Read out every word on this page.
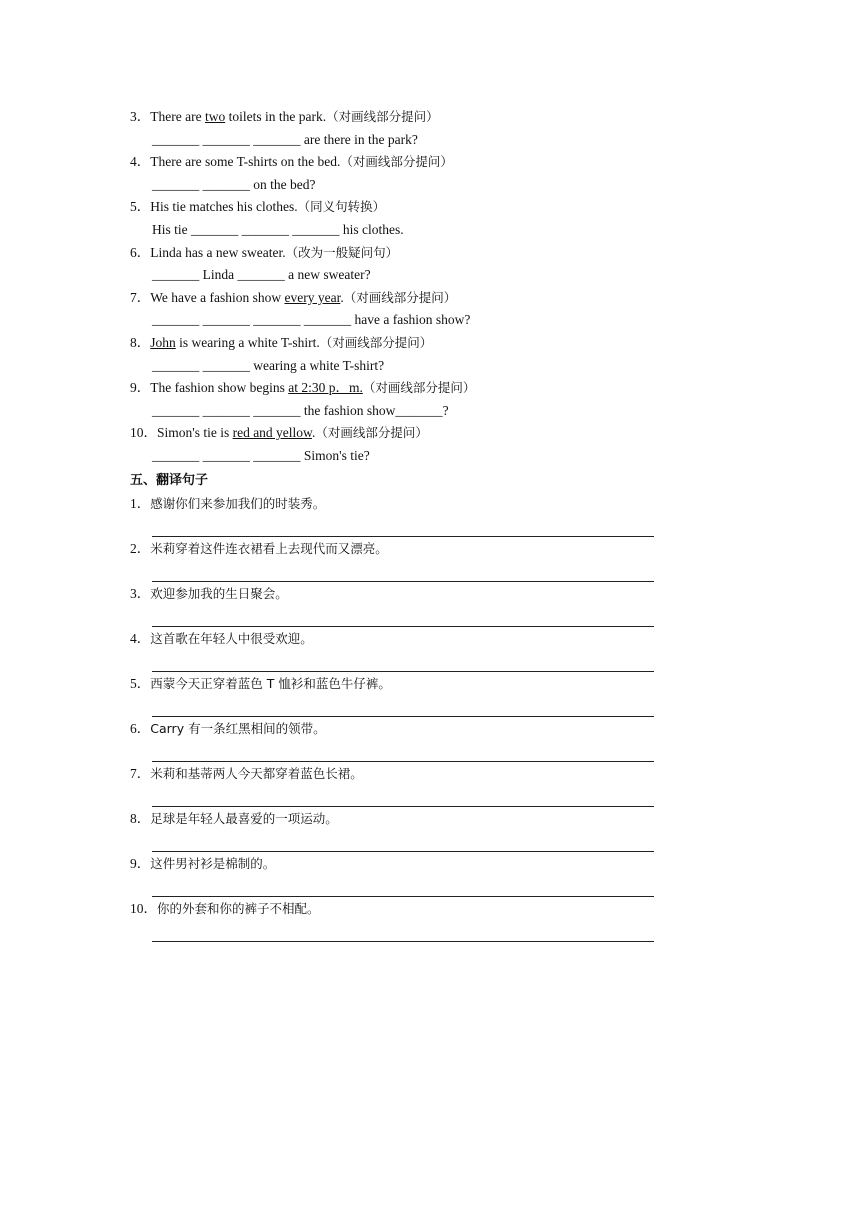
3．There are two toilets in the park.（对画线部分提问）
_______ _______ _______ are there in the park?
4．There are some T-shirts on the bed.（对画线部分提问）
_______ _______ on the bed?
5．His tie matches his clothes.（同义句转换）
His tie _______ _______ _______ his clothes.
6．Linda has a new sweater.（改为一般疑问句）
_______ Linda _______ a new sweater?
7．We have a fashion show every year.（对画线部分提问）
_______ _______ _______ _______ have a fashion show?
8．John is wearing a white T-shirt.（对画线部分提问）
_______ _______ wearing a white T-shirt?
9．The fashion show begins at 2:30 p．m.（对画线部分提问）
_______ _______ _______ the fashion show_______?
10．Simon's tie is red and yellow.（对画线部分提问）
_______ _______ _______ Simon's tie?
五、翻译句子
1．感谢你们来参加我们的时装秀。
2．米莉穿着这件连衣裙看上去现代而又漂亮。
3．欢迎参加我的生日聚会。
4．这首歌在年轻人中很受欢迎。
5．西蒙今天正穿着蓝色 T 恤衫和蓝色牛仔裤。
6．Carry 有一条红黑相间的领带。
7．米莉和基蒂两人今天都穿着蓝色长裙。
8．足球是年轻人最喜爱的一项运动。
9．这件男衬衫是棉制的。
10．你的外套和你的裤子不相配。
